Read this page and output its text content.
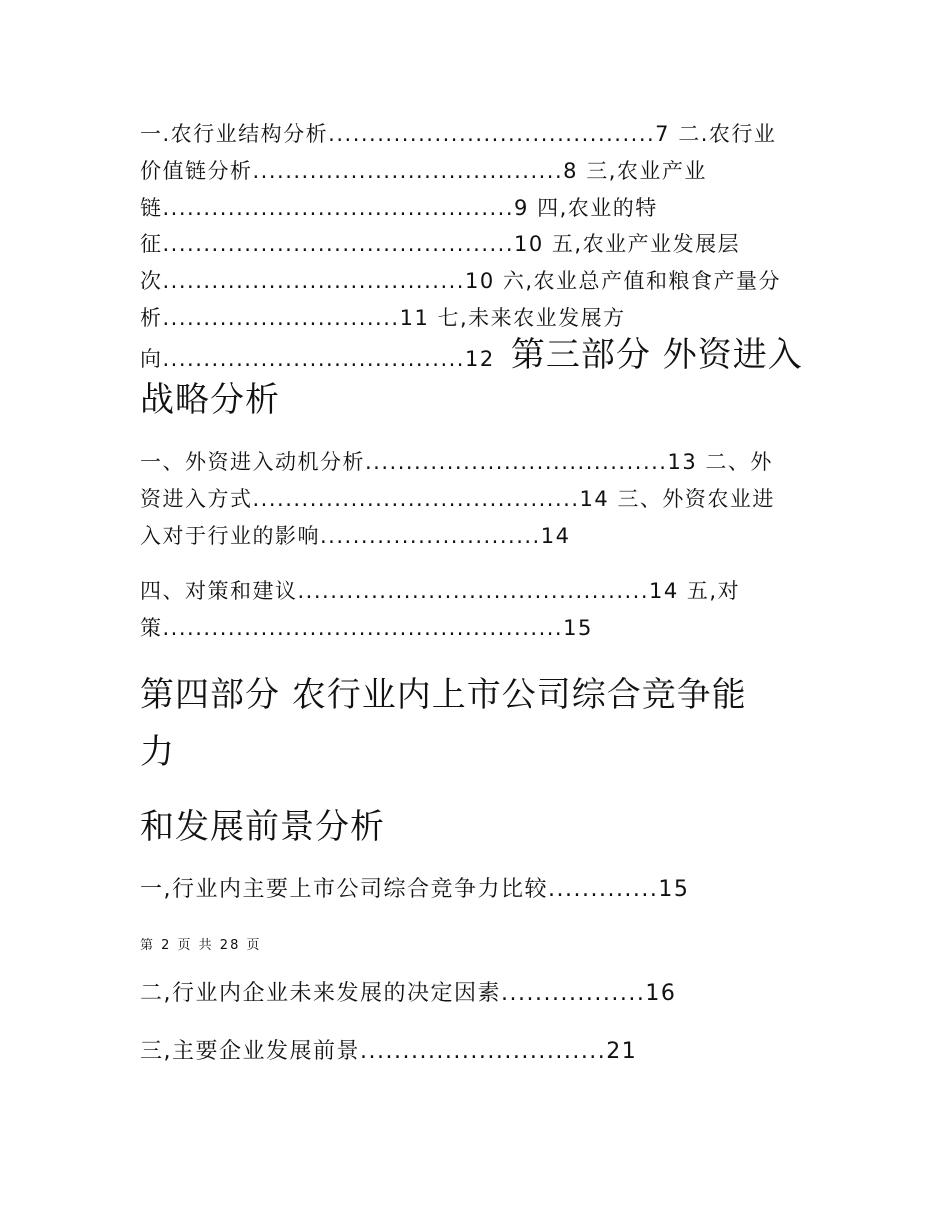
一.农行业结构分析........................................7 二.农行业
价值链分析......................................8 三,农业产业
链...........................................9 四,农业的特
征...........................................10 五,农业产业发展层
次.....................................10 六,农业总产值和粮食产量分
析.............................11 七,未来农业发展方
向.....................................12 第三部分 外资进入
战略分析
一、外资进入动机分析.....................................13 二、外
资进入方式........................................14 三、外资农业进
入对于行业的影响...........................14
四、对策和建议...........................................14 五,对
策.................................................15
第四部分 农行业内上市公司综合竞争能
力
和发展前景分析
一,行业内主要上市公司综合竞争力比较.............15
第 2 页 共 28 页
二,行业内企业未来发展的决定因素.................16
三,主要企业发展前景.............................21
